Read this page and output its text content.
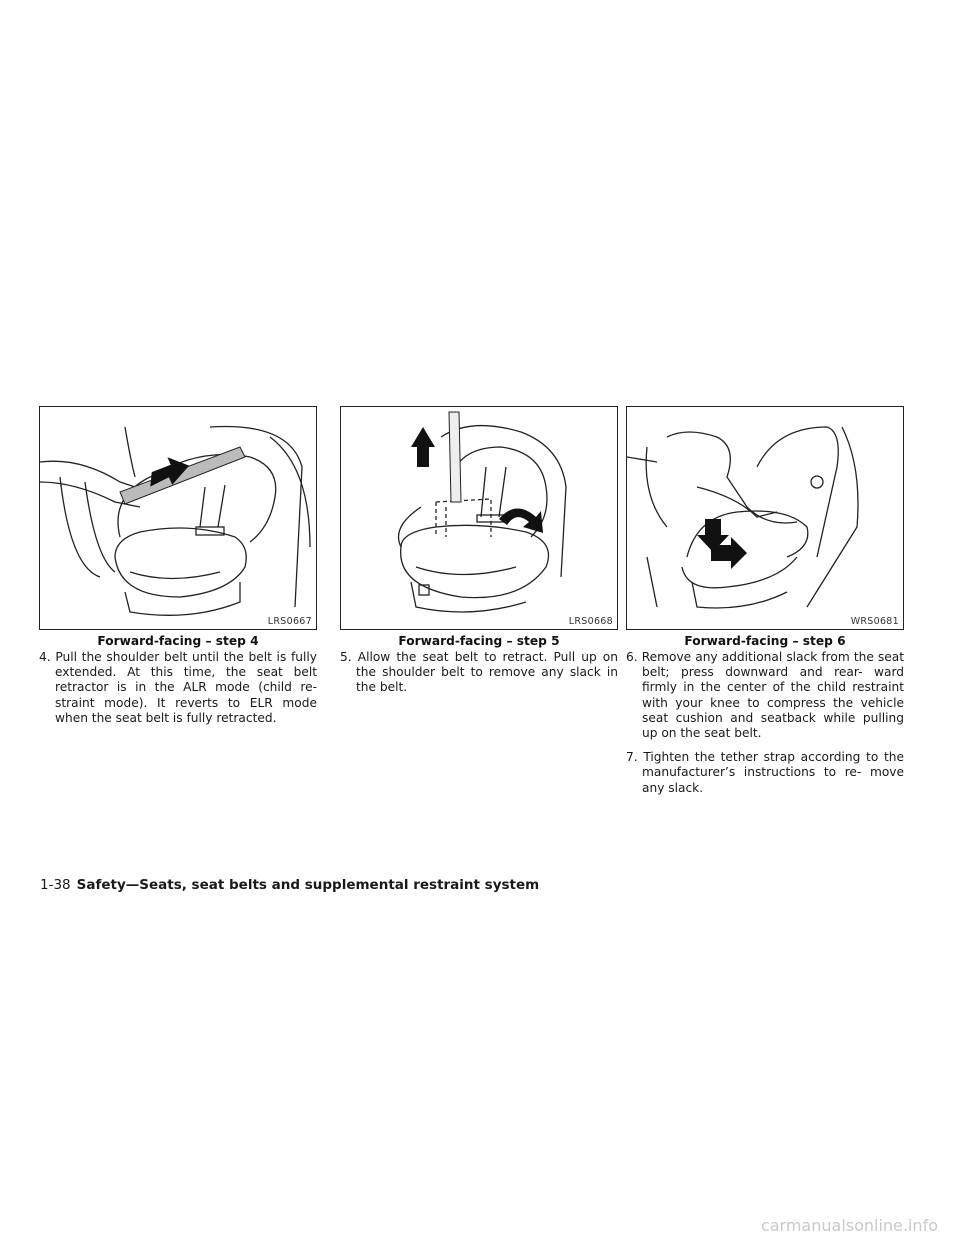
LRS0667
Forward-facing – step 4

4. Pull the shoulder belt until the belt is fully extended. At this time, the seat belt retractor is in the ALR mode (child re- straint mode). It reverts to ELR mode when the seat belt is fully retracted.

LRS0668
Forward-facing – step 5

5. Allow the seat belt to retract. Pull up on the shoulder belt to remove any slack in the belt.

WRS0681
Forward-facing – step 6

6. Remove any additional slack from the seat belt; press downward and rear- ward firmly in the center of the child restraint with your knee to compress the vehicle seat cushion and seatback while pulling up on the seat belt.

7. Tighten the tether strap according to the manufacturer’s instructions to re- move any slack.

1-38 Safety—Seats, seat belts and supplemental restraint system
carmanualsonline.info
